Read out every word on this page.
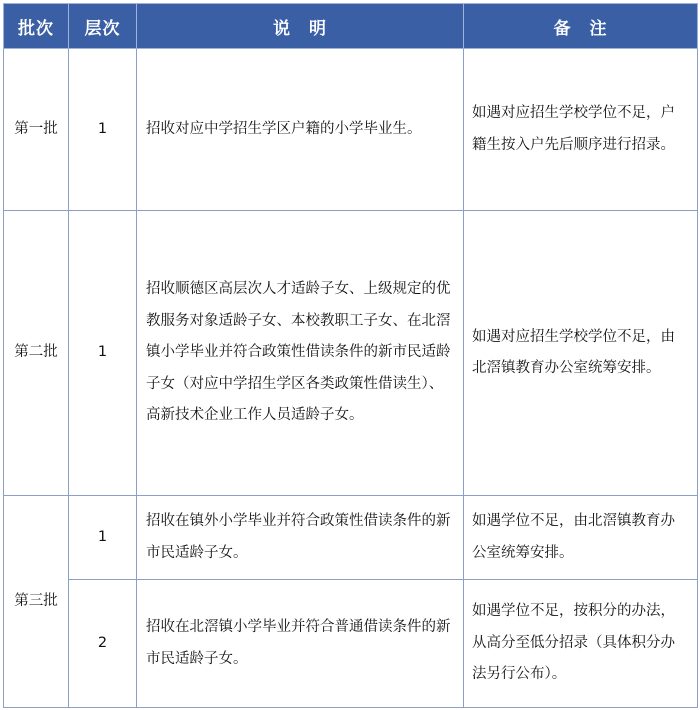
批次	层次	说　明	备　注
第一批	1	招收对应中学招生学区户籍的小学毕业生。	如遇对应招生学校学位不足，户籍生按入户先后顺序进行招录。
第二批	1	招收顺德区高层次人才适龄子女、上级规定的优教服务对象适龄子女、本校教职工子女、在北滘镇小学毕业并符合政策性借读条件的新市民适龄子女（对应中学招生学区各类政策性借读生）、高新技术企业工作人员适龄子女。	如遇对应招生学校学位不足，由北滘镇教育办公室统筹安排。
第三批	1	招收在镇外小学毕业并符合政策性借读条件的新市民适龄子女。	如遇学位不足，由北滘镇教育办公室统筹安排。
	2	招收在北滘镇小学毕业并符合普通借读条件的新市民适龄子女。	如遇学位不足，按积分的办法，从高分至低分招录（具体积分办法另行公布）。
